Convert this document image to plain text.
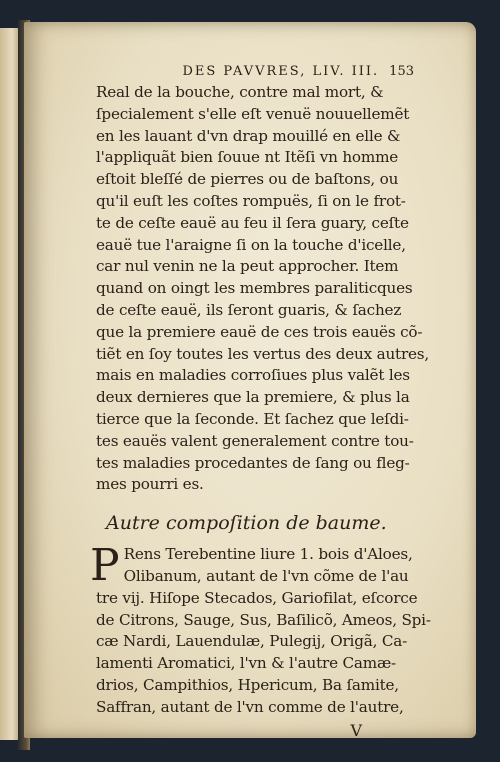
DES PAVVRES, LIV. III. 153
Real de la bouche, contre mal mort, &
ſpecialement s'elle eſt venuë nouuellemẽt
en les lauant d'vn drap mouillé en elle &
l'appliquãt bien ſouue nt Itẽſi vn homme
eſtoit bleſſé de pierres ou de baſtons, ou
qu'il euſt les coſtes rompuës, ſi on le frot-
te de ceſte eauë au feu il ſera guary, ceſte
eauë tue l'araigne ſi on la touche d'icelle,
car nul venin ne la peut approcher. Item
quand on oingt les membres paraliticques
de ceſte eauë, ils ſeront guaris, & ſachez
que la premiere eauë de ces trois eauës cõ-
tiẽt en ſoy toutes les vertus des deux autres,
mais en maladies corroſiues plus valẽt les
deux dernieres que la premiere, & plus la
tierce que la ſeconde. Et ſachez que leſdi-
tes eauës valent generalement contre tou-
tes maladies procedantes de ſang ou fleg-
mes pourri es.
Autre compoſition de baume.
P Rens Terebentine liure 1. bois d'Aloes,
Olibanum, autant de l'vn cõme de l'au
tre vij. Hiſope Stecados, Gariofilat, eſcorce
de Citrons, Sauge, Sus, Baſilicõ, Ameos, Spi-
cæ Nardi, Lauendulæ, Pulegij, Origã, Ca-
lamenti Aromatici, l'vn & l'autre Camæ-
drios, Campithios, Hpericum, Ba ſamite,
Saffran, autant de l'vn comme de l'autre,
V
